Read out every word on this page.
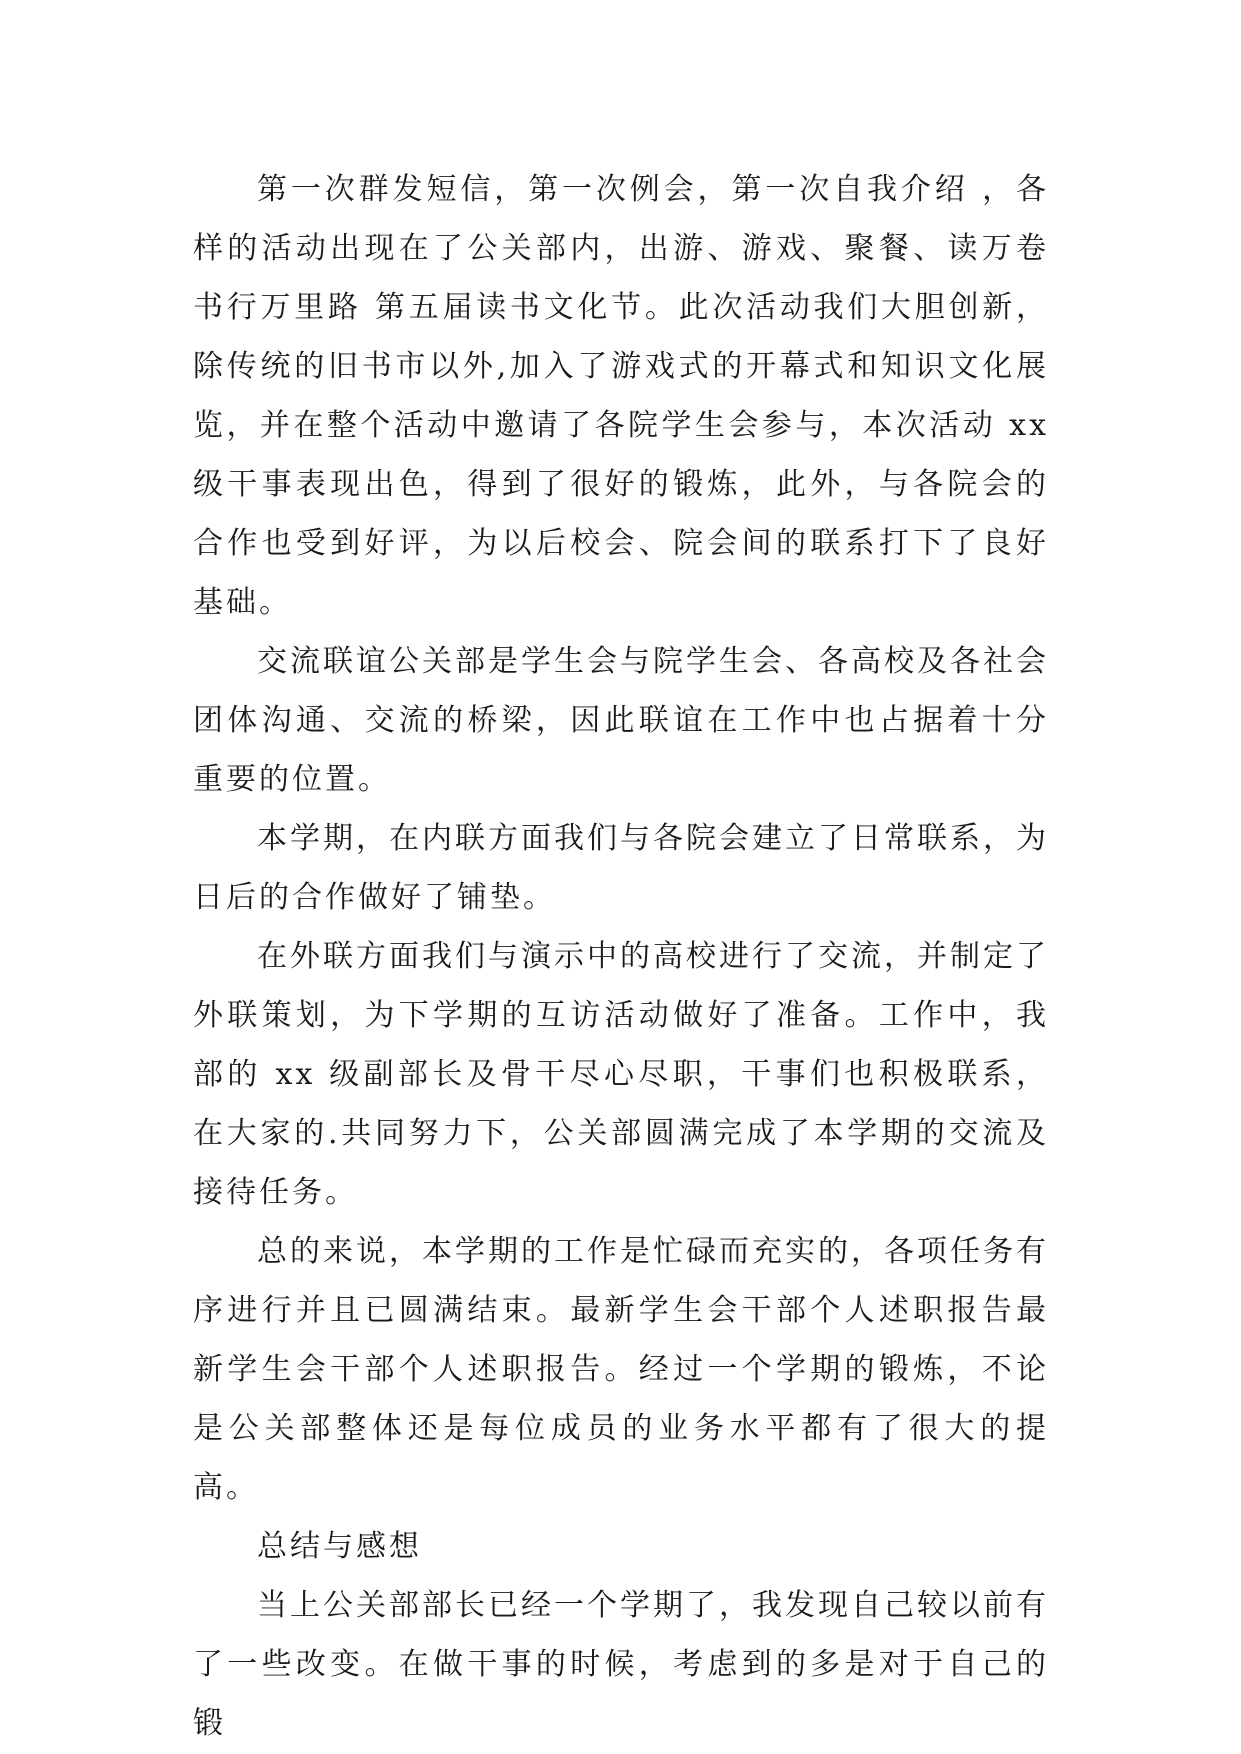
第一次群发短信，第一次例会，第一次自我介绍 ，各样的活动出现在了公关部内，出游、游戏、聚餐、读万卷书行万里路 第五届读书文化节。此次活动我们大胆创新，除传统的旧书市以外,加入了游戏式的开幕式和知识文化展览，并在整个活动中邀请了各院学生会参与，本次活动 xx 级干事表现出色，得到了很好的锻炼，此外，与各院会的合作也受到好评，为以后校会、院会间的联系打下了良好基础。

交流联谊公关部是学生会与院学生会、各高校及各社会团体沟通、交流的桥梁，因此联谊在工作中也占据着十分重要的位置。

本学期，在内联方面我们与各院会建立了日常联系，为日后的合作做好了铺垫。

在外联方面我们与演示中的高校进行了交流，并制定了外联策划，为下学期的互访活动做好了准备。工作中，我部的 xx 级副部长及骨干尽心尽职，干事们也积极联系，在大家的.共同努力下，公关部圆满完成了本学期的交流及接待任务。

总的来说，本学期的工作是忙碌而充实的，各项任务有序进行并且已圆满结束。最新学生会干部个人述职报告最新学生会干部个人述职报告。经过一个学期的锻炼，不论是公关部整体还是每位成员的业务水平都有了很大的提高。

总结与感想

当上公关部部长已经一个学期了，我发现自己较以前有了一些改变。在做干事的时候，考虑到的多是对于自己的锻
